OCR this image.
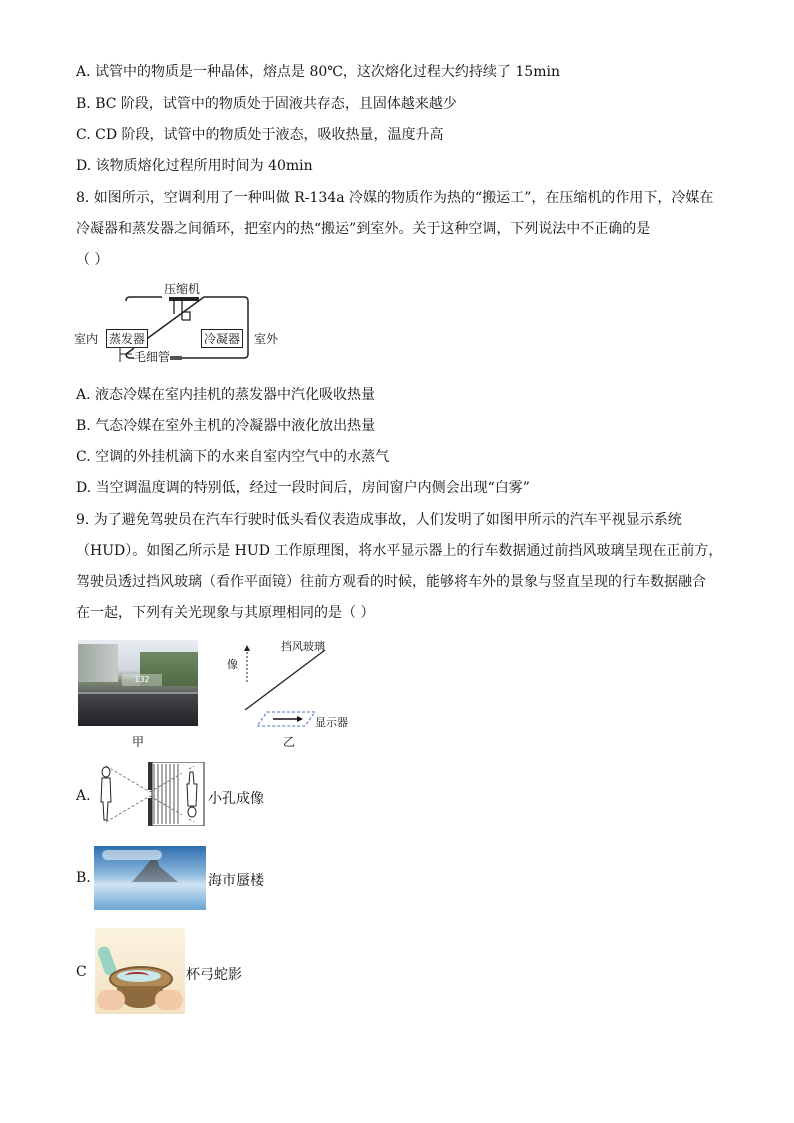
A. 试管中的物质是一种晶体，熔点是 80℃，这次熔化过程大约持续了 15min
B. BC 阶段，试管中的物质处于固液共存态，且固体越来越少
C. CD 阶段，试管中的物质处于液态，吸收热量，温度升高
D. 该物质熔化过程所用时间为 40min
8. 如图所示，空调利用了一种叫做 R-134a 冷媒的物质作为热的“搬运工”，在压缩机的作用下，冷媒在
冷凝器和蒸发器之间循环，把室内的热“搬运”到室外。关于这种空调，下列说法中不正确的是
（ ）
压缩机
室内 蒸发器	冷凝器 室外
毛细管
A. 液态冷媒在室内挂机的蒸发器中汽化吸收热量
B. 气态冷媒在室外主机的冷凝器中液化放出热量
C. 空调的外挂机滴下的水来自室内空气中的水蒸气
D. 当空调温度调的特别低，经过一段时间后，房间窗户内侧会出现“白雾”
9. 为了避免驾驶员在汽车行驶时低头看仪表造成事故，人们发明了如图甲所示的汽车平视显示系统
（HUD）。如图乙所示是 HUD 工作原理图，将水平显示器上的行车数据通过前挡风玻璃呈现在正前方，
驾驶员透过挡风玻璃（看作平面镜）往前方观看的时候，能够将车外的景象与竖直呈现的行车数据融合
在一起，下列有关光现象与其原理相同的是（ ）
132
甲
挡风玻璃
像
显示器
乙
A.	小孔成像
B.	海市蜃楼
C	杯弓蛇影
